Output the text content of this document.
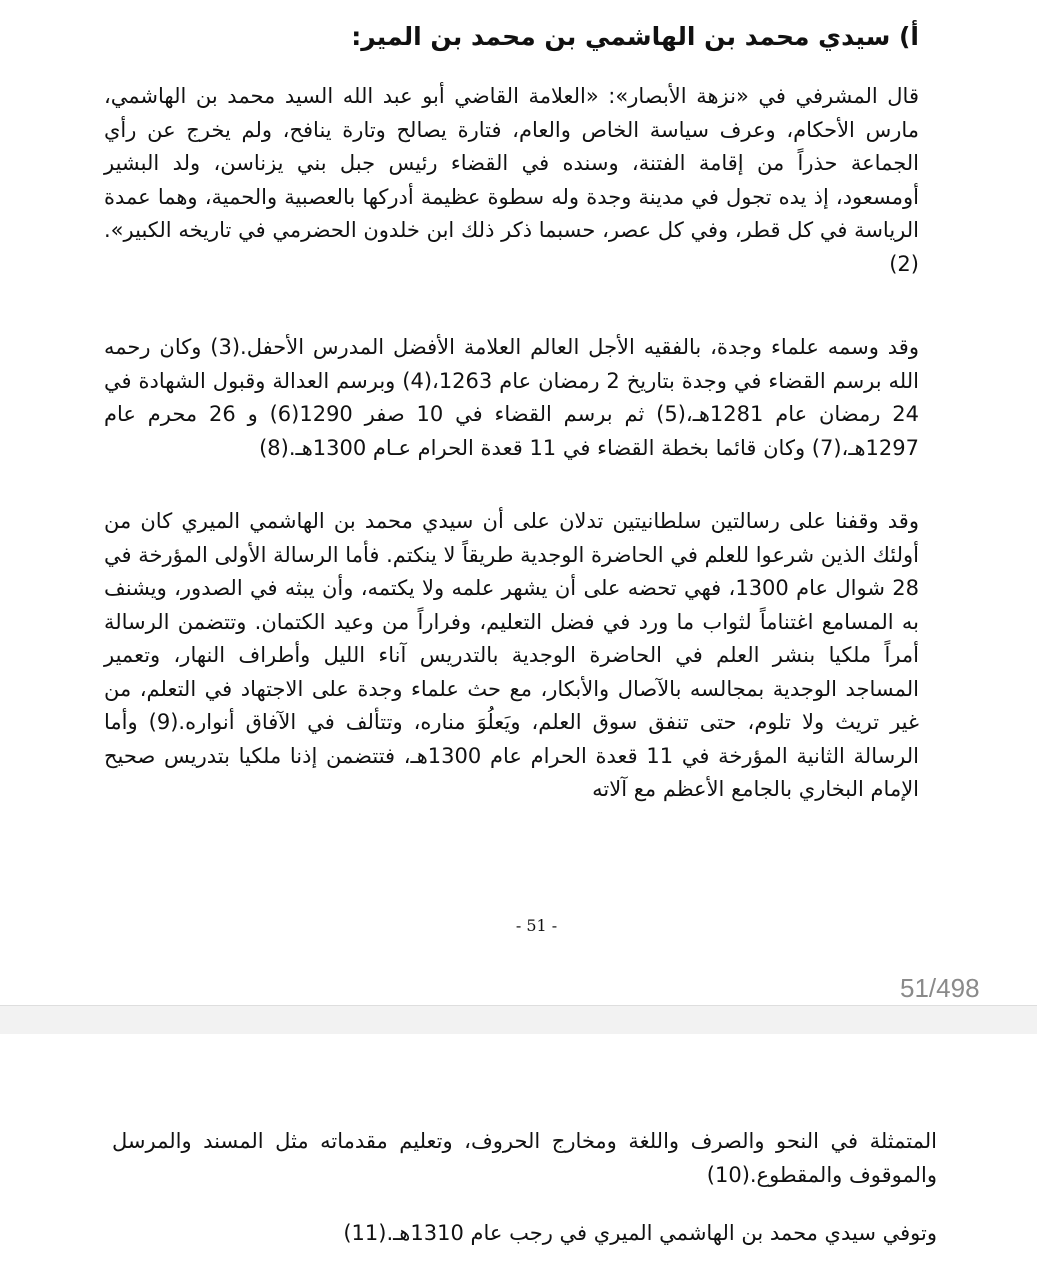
أ) سيدي محمد بن الهاشمي بن محمد بن المير:

قال المشرفي في «نزهة الأبصار»: «العلامة القاضي أبو عبد الله السيد محمد بن الهاشمي، مارس الأحكام، وعرف سياسة الخاص والعام، فتارة يصالح وتارة ينافح، ولم يخرج عن رأي الجماعة حذراً من إقامة الفتنة، وسنده في القضاء رئيس جبل بني يزناسن، ولد البشير أومسعود، إذ يده تجول في مدينة وجدة وله سطوة عظيمة أدركها بالعصبية والحمية، وهما عمدة الرياسة في كل قطر، وفي كل عصر، حسبما ذكر ذلك ابن خلدون الحضرمي في تاريخه الكبير».(2)

وقد وسمه علماء وجدة، بالفقيه الأجل العالم العلامة الأفضل المدرس الأحفل.(3) وكان رحمه الله برسم القضاء في وجدة بتاريخ 2 رمضان عام 1263،(4) وبرسم العدالة وقبول الشهادة في 24 رمضان عام 1281هـ،(5) ثم برسم القضاء في 10 صفر 1290(6) و 26 محرم عام 1297هـ،(7) وكان قائما بخطة القضاء في 11 قعدة الحرام عـام 1300هـ.(8)

وقد وقفنا على رسالتين سلطانيتين تدلان على أن سيدي محمد بن الهاشمي الميري كان من أولئك الذين شرعوا للعلم في الحاضرة الوجدية طريقاً لا ينكتم. فأما الرسالة الأولى المؤرخة في 28 شوال عام 1300، فهي تحضه على أن يشهر علمه ولا يكتمه، وأن يبثه في الصدور، ويشنف به المسامع اغتناماً لثواب ما ورد في فضل التعليم، وفراراً من وعيد الكتمان. وتتضمن الرسالة أمراً ملكيا بنشر العلم في الحاضرة الوجدية بالتدريس آناء الليل وأطراف النهار، وتعمير المساجد الوجدية بمجالسه بالآصال والأبكار، مع حث علماء وجدة على الاجتهاد في التعلم، من غير تريث ولا تلوم، حتى تنفق سوق العلم، ويَعلُوَ مناره، وتتألف في الآفاق أنواره.(9) وأما الرسالة الثانية المؤرخة في 11 قعدة الحرام عام 1300هـ، فتتضمن إذنا ملكيا بتدريس صحيح الإمام البخاري بالجامع الأعظم مع آلاته

- 51 -
51/498

المتمثلة في النحو والصرف واللغة ومخارج الحروف، وتعليم مقدماته مثل المسند والمرسل والموقوف والمقطوع.(10)

وتوفي سيدي محمد بن الهاشمي الميري في رجب عام 1310هـ.(11)
